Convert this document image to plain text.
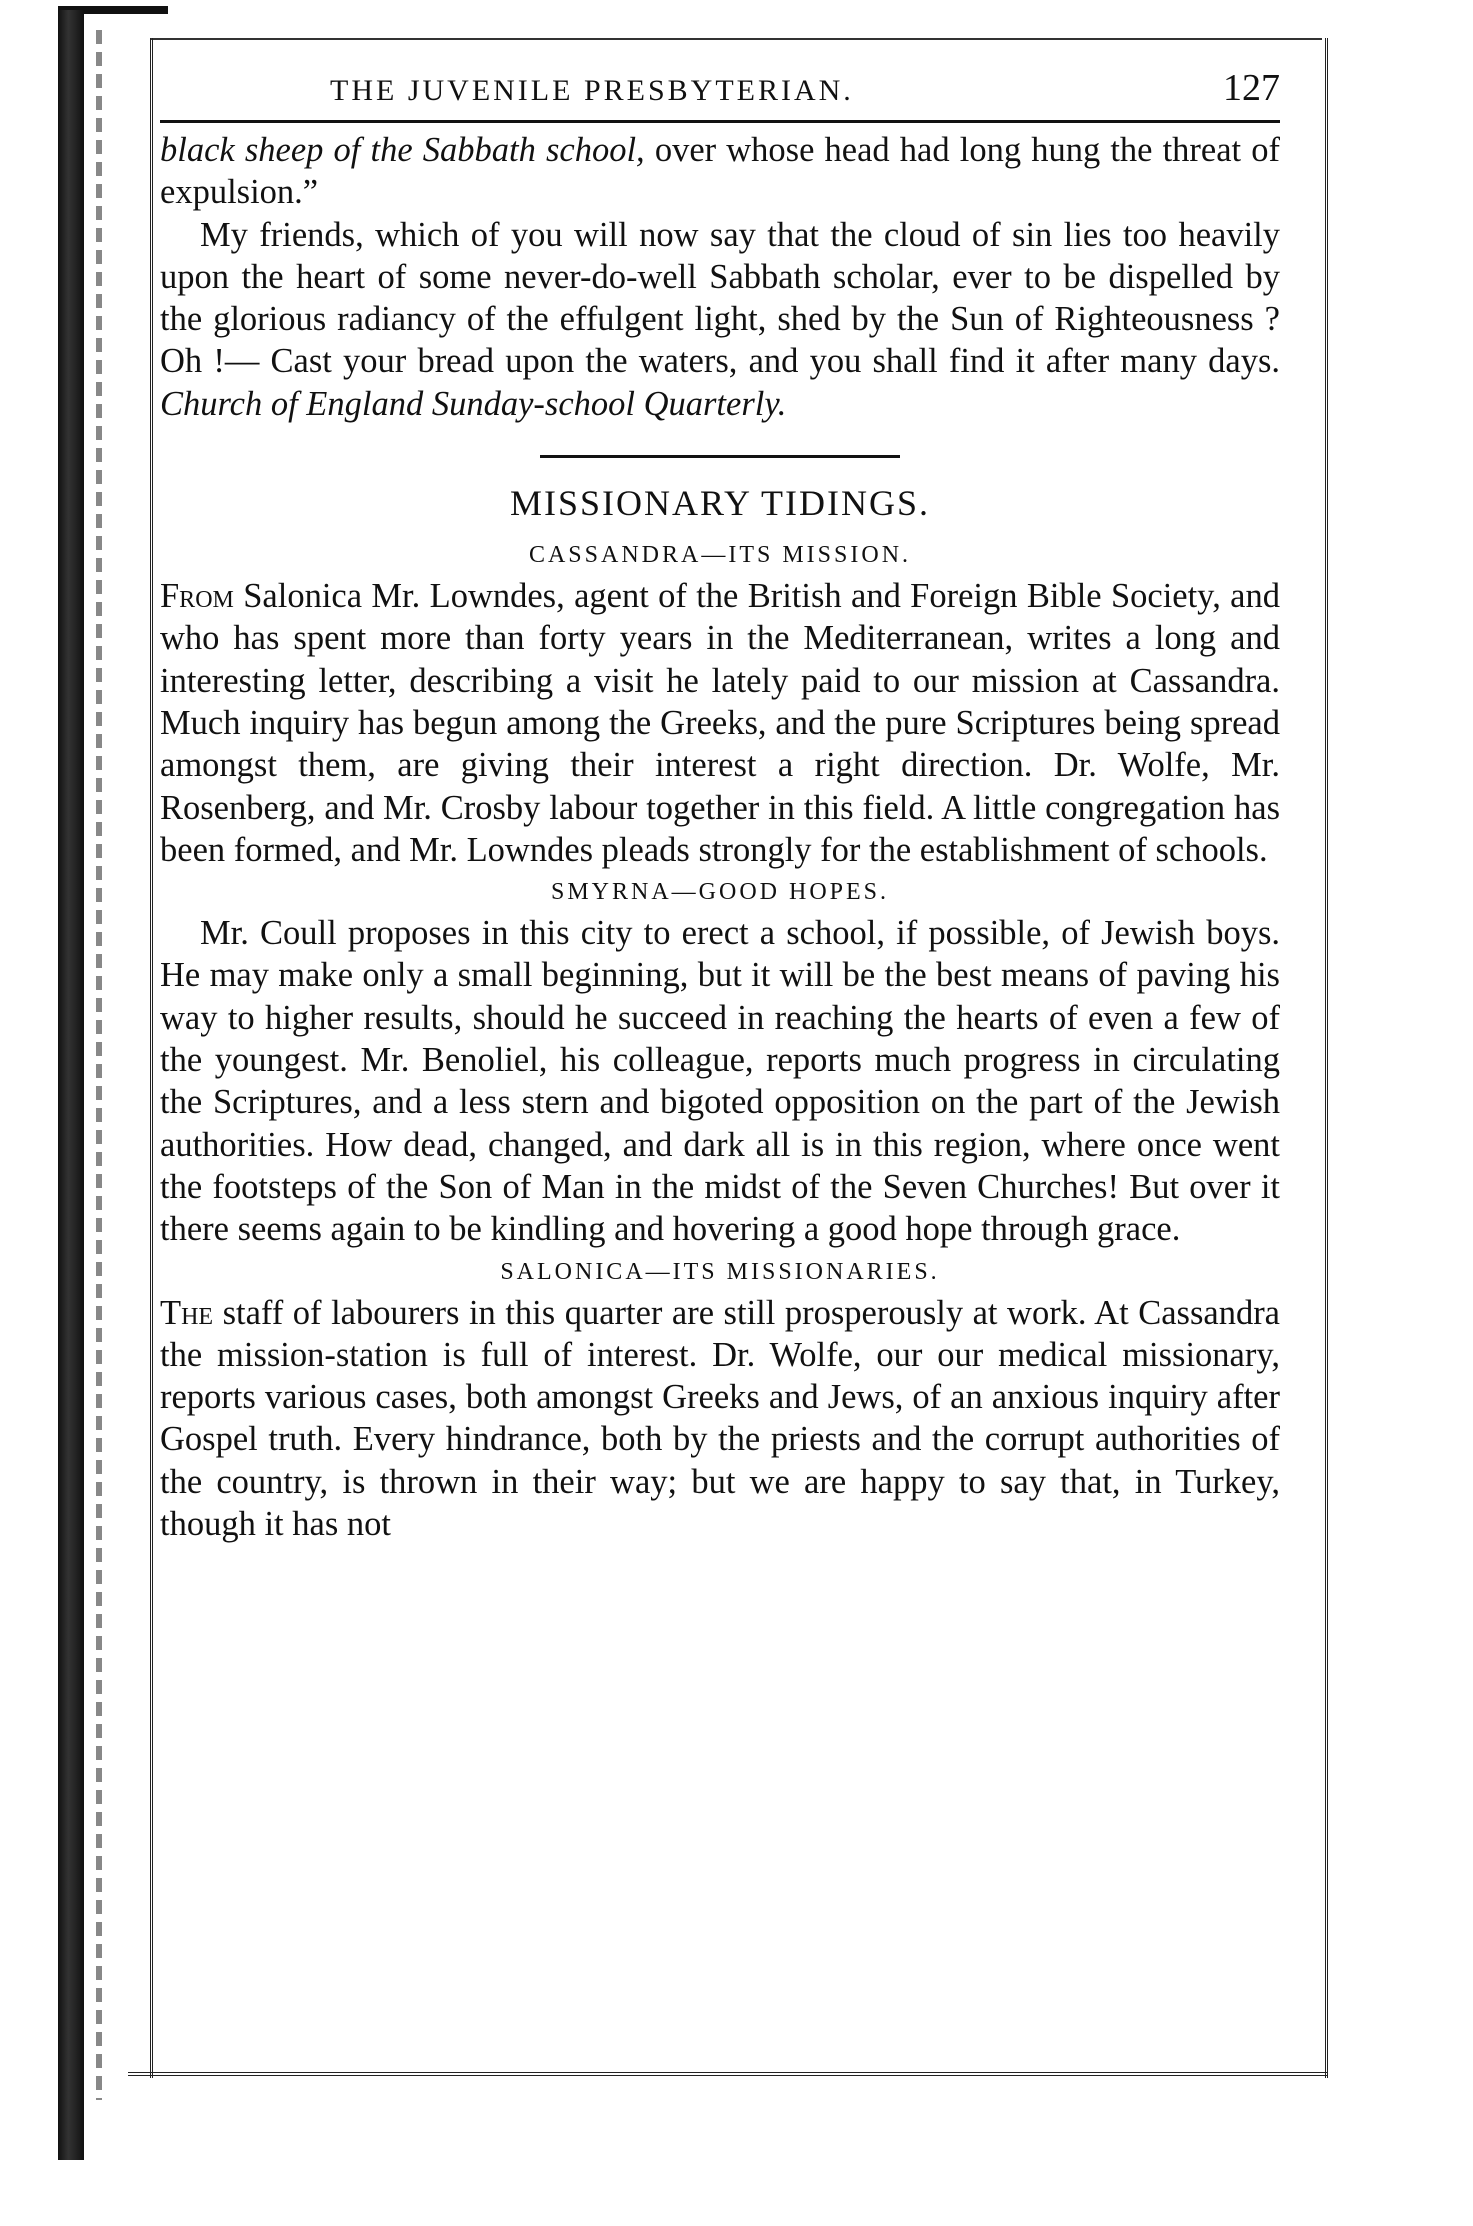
THE JUVENILE PRESBYTERIAN.	127

black sheep of the Sabbath school, over whose head had long hung the threat of expulsion.”

My friends, which of you will now say that the cloud of sin lies too heavily upon the heart of some never-do-well Sabbath scholar, ever to be dispelled by the glorious radiancy of the effulgent light, shed by the Sun of Righteousness ? Oh !— Cast your bread upon the waters, and you shall find it after many days. Church of England Sunday-school Quarterly.

MISSIONARY TIDINGS.
CASSANDRA—ITS MISSION.

From Salonica Mr. Lowndes, agent of the British and Foreign Bible Society, and who has spent more than forty years in the Mediterranean, writes a long and interesting letter, describing a visit he lately paid to our mission at Cassandra. Much inquiry has begun among the Greeks, and the pure Scriptures being spread amongst them, are giving their interest a right direction. Dr. Wolfe, Mr. Rosenberg, and Mr. Crosby labour together in this field. A little congregation has been formed, and Mr. Lowndes pleads strongly for the establishment of schools.

SMYRNA—GOOD HOPES.

Mr. Coull proposes in this city to erect a school, if possible, of Jewish boys. He may make only a small beginning, but it will be the best means of paving his way to higher results, should he succeed in reaching the hearts of even a few of the youngest. Mr. Benoliel, his colleague, reports much progress in circulating the Scriptures, and a less stern and bigoted opposition on the part of the Jewish authorities. How dead, changed, and dark all is in this region, where once went the footsteps of the Son of Man in the midst of the Seven Churches! But over it there seems again to be kindling and hovering a good hope through grace.

SALONICA—ITS MISSIONARIES.

The staff of labourers in this quarter are still prosperously at work. At Cassandra the mission-station is full of interest. Dr. Wolfe, our our medical missionary, reports various cases, both amongst Greeks and Jews, of an anxious inquiry after Gospel truth. Every hindrance, both by the priests and the corrupt authorities of the country, is thrown in their way; but we are happy to say that, in Turkey, though it has not
